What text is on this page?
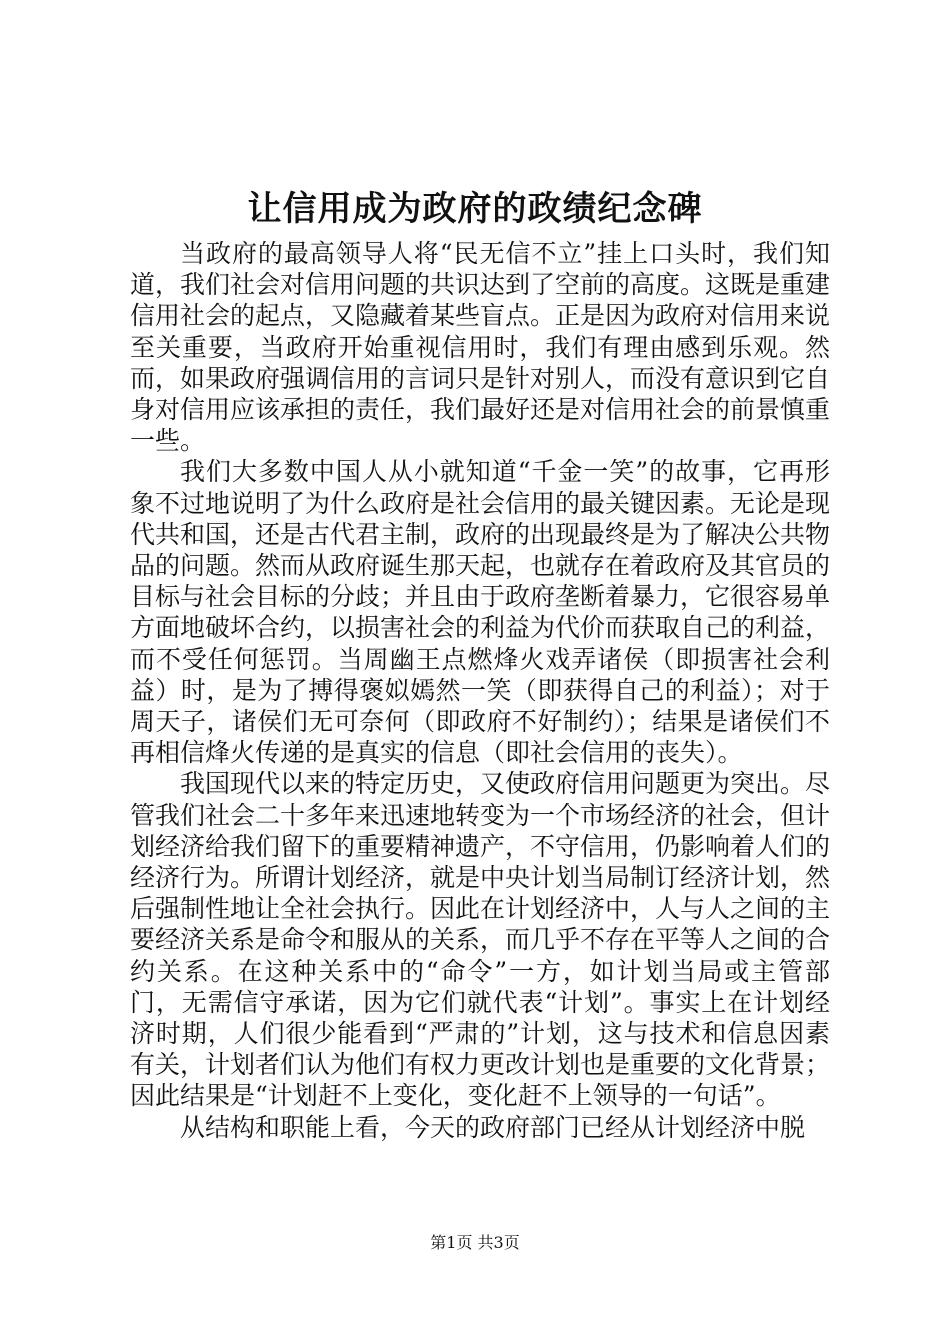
让信用成为政府的政绩纪念碑

当政府的最高领导人将“民无信不立”挂上口头时，我们知道，我们社会对信用问题的共识达到了空前的高度。这既是重建信用社会的起点，又隐藏着某些盲点。正是因为政府对信用来说至关重要，当政府开始重视信用时，我们有理由感到乐观。然而，如果政府强调信用的言词只是针对别人，而没有意识到它自身对信用应该承担的责任，我们最好还是对信用社会的前景慎重一些。

我们大多数中国人从小就知道“千金一笑”的故事，它再形象不过地说明了为什么政府是社会信用的最关键因素。无论是现代共和国，还是古代君主制，政府的出现最终是为了解决公共物品的问题。然而从政府诞生那天起，也就存在着政府及其官员的目标与社会目标的分歧；并且由于政府垄断着暴力，它很容易单方面地破坏合约，以损害社会的利益为代价而获取自己的利益，而不受任何惩罚。当周幽王点燃烽火戏弄诸侯（即损害社会利益）时，是为了搏得褒姒嫣然一笑（即获得自己的利益）；对于周天子，诸侯们无可奈何（即政府不好制约）；结果是诸侯们不再相信烽火传递的是真实的信息（即社会信用的丧失）。

我国现代以来的特定历史，又使政府信用问题更为突出。尽管我们社会二十多年来迅速地转变为一个市场经济的社会，但计划经济给我们留下的重要精神遗产，不守信用，仍影响着人们的经济行为。所谓计划经济，就是中央计划当局制订经济计划，然后强制性地让全社会执行。因此在计划经济中，人与人之间的主要经济关系是命令和服从的关系，而几乎不存在平等人之间的合约关系。在这种关系中的“命令”一方，如计划当局或主管部门，无需信守承诺，因为它们就代表“计划”。事实上在计划经济时期，人们很少能看到“严肃的”计划，这与技术和信息因素有关，计划者们认为他们有权力更改计划也是重要的文化背景；因此结果是“计划赶不上变化，变化赶不上领导的一句话”。

从结构和职能上看，今天的政府部门已经从计划经济中脱

第1页 共3页
